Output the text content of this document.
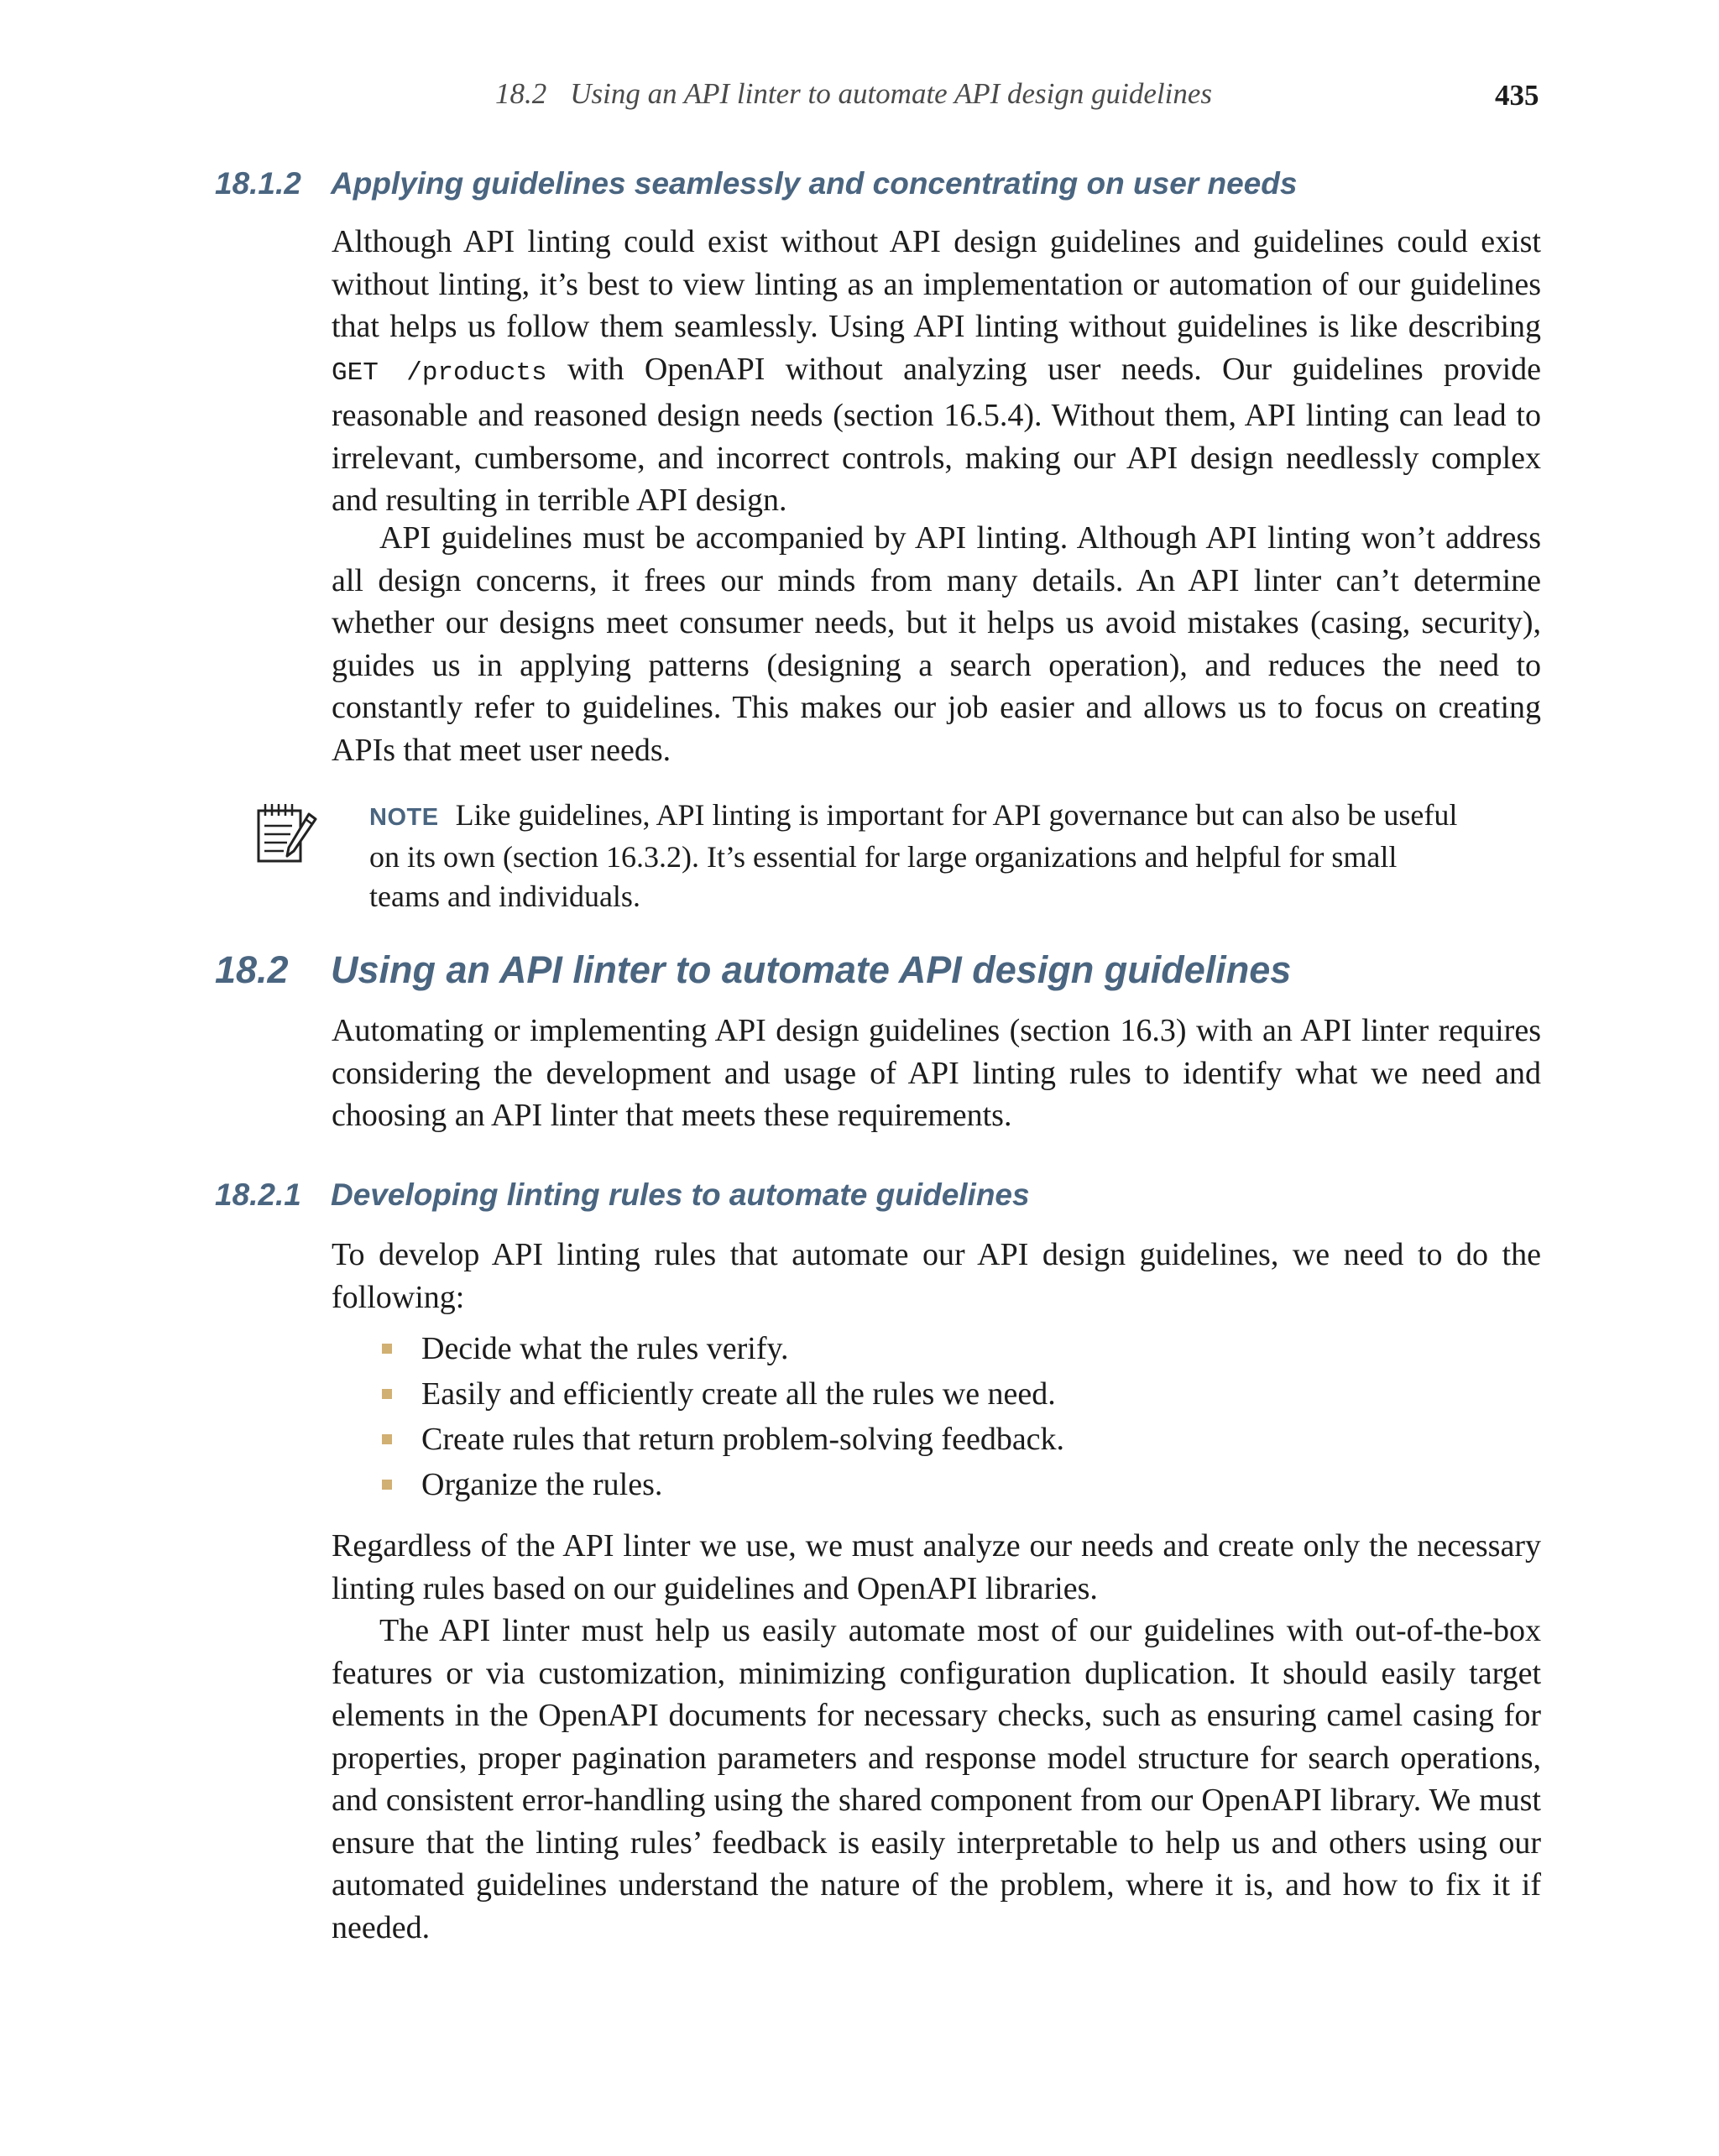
18.2 Using an API linter to automate API design guidelines	435
18.1.2 Applying guidelines seamlessly and concentrating on user needs

Although API linting could exist without API design guidelines and guidelines could exist without linting, it’s best to view linting as an implementation or automation of our guidelines that helps us follow them seamlessly. Using API linting without guidelines is like describing GET /products with OpenAPI without analyzing user needs. Our guidelines provide reasonable and reasoned design needs (section 16.5.4). Without them, API linting can lead to irrelevant, cumbersome, and incorrect controls, making our API design needlessly complex and resulting in terrible API design.

API guidelines must be accompanied by API linting. Although API linting won’t address all design concerns, it frees our minds from many details. An API linter can’t determine whether our designs meet consumer needs, but it helps us avoid mistakes (casing, security), guides us in applying patterns (designing a search operation), and reduces the need to constantly refer to guidelines. This makes our job easier and allows us to focus on creating APIs that meet user needs.

NOTE Like guidelines, API linting is important for API governance but can also be useful on its own (section 16.3.2). It’s essential for large organizations and helpful for small teams and individuals.

18.2 Using an API linter to automate API design guidelines

Automating or implementing API design guidelines (section 16.3) with an API linter requires considering the development and usage of API linting rules to identify what we need and choosing an API linter that meets these requirements.

18.2.1 Developing linting rules to automate guidelines

To develop API linting rules that automate our API design guidelines, we need to do the following:

Decide what the rules verify.
Easily and efficiently create all the rules we need.
Create rules that return problem-solving feedback.
Organize the rules.

Regardless of the API linter we use, we must analyze our needs and create only the necessary linting rules based on our guidelines and OpenAPI libraries.

The API linter must help us easily automate most of our guidelines with out-of-the-box features or via customization, minimizing configuration duplication. It should easily target elements in the OpenAPI documents for necessary checks, such as ensuring camel casing for properties, proper pagination parameters and response model structure for search operations, and consistent error-handling using the shared component from our OpenAPI library. We must ensure that the linting rules’ feedback is easily interpretable to help us and others using our automated guidelines understand the nature of the problem, where it is, and how to fix it if needed.
